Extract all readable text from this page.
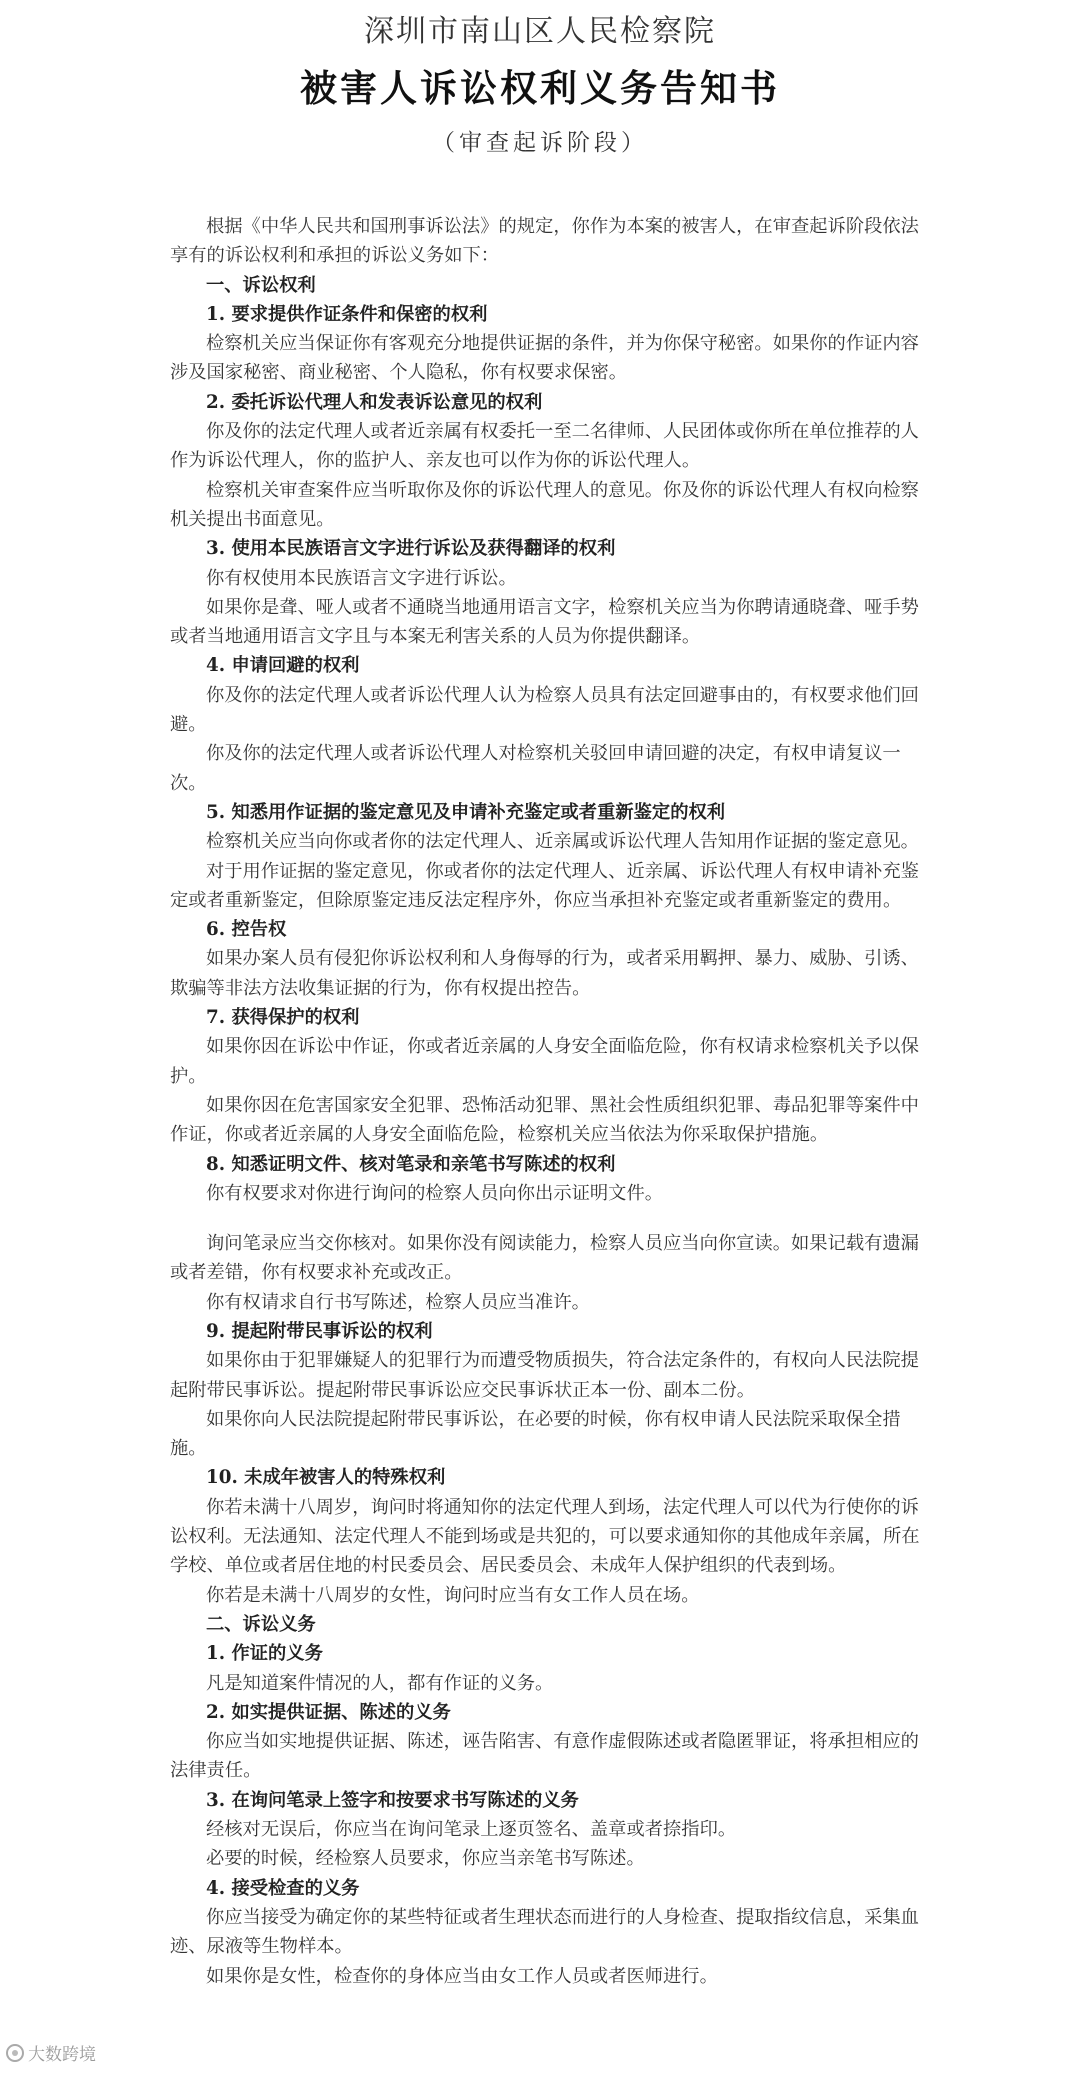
深圳市南山区人民检察院
被害人诉讼权利义务告知书
（审查起诉阶段）

根据《中华人民共和国刑事诉讼法》的规定，你作为本案的被害人，在审查起诉阶段依法享有的诉讼权利和承担的诉讼义务如下：

一、诉讼权利

1. 要求提供作证条件和保密的权利

检察机关应当保证你有客观充分地提供证据的条件，并为你保守秘密。如果你的作证内容涉及国家秘密、商业秘密、个人隐私，你有权要求保密。

2. 委托诉讼代理人和发表诉讼意见的权利

你及你的法定代理人或者近亲属有权委托一至二名律师、人民团体或你所在单位推荐的人作为诉讼代理人，你的监护人、亲友也可以作为你的诉讼代理人。

检察机关审查案件应当听取你及你的诉讼代理人的意见。你及你的诉讼代理人有权向检察机关提出书面意见。

3. 使用本民族语言文字进行诉讼及获得翻译的权利

你有权使用本民族语言文字进行诉讼。

如果你是聋、哑人或者不通晓当地通用语言文字，检察机关应当为你聘请通晓聋、哑手势或者当地通用语言文字且与本案无利害关系的人员为你提供翻译。

4. 申请回避的权利

你及你的法定代理人或者诉讼代理人认为检察人员具有法定回避事由的，有权要求他们回避。

你及你的法定代理人或者诉讼代理人对检察机关驳回申请回避的决定，有权申请复议一次。

5. 知悉用作证据的鉴定意见及申请补充鉴定或者重新鉴定的权利

检察机关应当向你或者你的法定代理人、近亲属或诉讼代理人告知用作证据的鉴定意见。

对于用作证据的鉴定意见，你或者你的法定代理人、近亲属、诉讼代理人有权申请补充鉴定或者重新鉴定，但除原鉴定违反法定程序外，你应当承担补充鉴定或者重新鉴定的费用。

6. 控告权

如果办案人员有侵犯你诉讼权利和人身侮辱的行为，或者采用羁押、暴力、威胁、引诱、欺骗等非法方法收集证据的行为，你有权提出控告。

7. 获得保护的权利

如果你因在诉讼中作证，你或者近亲属的人身安全面临危险，你有权请求检察机关予以保护。

如果你因在危害国家安全犯罪、恐怖活动犯罪、黑社会性质组织犯罪、毒品犯罪等案件中作证，你或者近亲属的人身安全面临危险，检察机关应当依法为你采取保护措施。

8. 知悉证明文件、核对笔录和亲笔书写陈述的权利

你有权要求对你进行询问的检察人员向你出示证明文件。

询问笔录应当交你核对。如果你没有阅读能力，检察人员应当向你宣读。如果记载有遗漏或者差错，你有权要求补充或改正。

你有权请求自行书写陈述，检察人员应当准许。

9. 提起附带民事诉讼的权利

如果你由于犯罪嫌疑人的犯罪行为而遭受物质损失，符合法定条件的，有权向人民法院提起附带民事诉讼。提起附带民事诉讼应交民事诉状正本一份、副本二份。

如果你向人民法院提起附带民事诉讼，在必要的时候，你有权申请人民法院采取保全措施。

10. 未成年被害人的特殊权利

你若未满十八周岁，询问时将通知你的法定代理人到场，法定代理人可以代为行使你的诉讼权利。无法通知、法定代理人不能到场或是共犯的，可以要求通知你的其他成年亲属，所在学校、单位或者居住地的村民委员会、居民委员会、未成年人保护组织的代表到场。

你若是未满十八周岁的女性，询问时应当有女工作人员在场。

二、诉讼义务

1. 作证的义务

凡是知道案件情况的人，都有作证的义务。

2. 如实提供证据、陈述的义务

你应当如实地提供证据、陈述，诬告陷害、有意作虚假陈述或者隐匿罪证，将承担相应的法律责任。

3. 在询问笔录上签字和按要求书写陈述的义务

经核对无误后，你应当在询问笔录上逐页签名、盖章或者捺指印。

必要的时候，经检察人员要求，你应当亲笔书写陈述。

4. 接受检查的义务

你应当接受为确定你的某些特征或者生理状态而进行的人身检查、提取指纹信息，采集血迹、尿液等生物样本。

如果你是女性，检查你的身体应当由女工作人员或者医师进行。

大数跨境
